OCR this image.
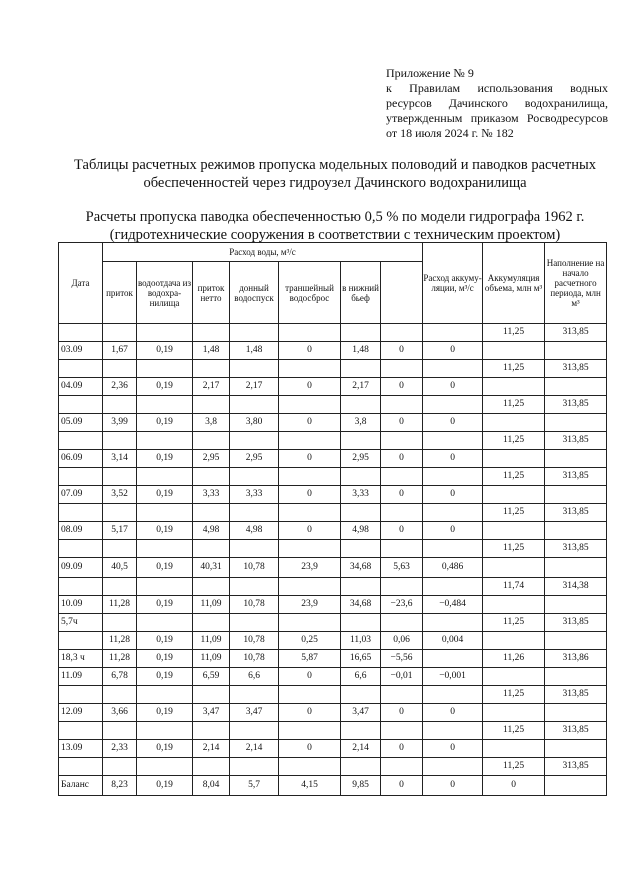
Приложение № 9
к Правилам использования водных
ресурсов Дачинского водохранилища,
утвержденным приказом Росводресурсов
от 18 июля 2024 г. № 182
Таблицы расчетных режимов пропуска модельных половодий и паводков расчетных
обеспеченностей через гидроузел Дачинского водохранилища
Расчеты пропуска паводка обеспеченностью 0,5 % по модели гидрографа 1962 г.
(гидротехнические сооружения в соответствии с техническим проектом)
Дата	Расход воды, м³/с							Расход аккуму-ляции, м³/с	Аккумуляция объема, млн м³	Наполнение на начало расчетного периода, млн м³	
	приток	водоотдача из водохра-нилища	приток нетто	донный водоспуск	траншейный водосброс	в нижний бьеф					
									11,25	313,85	
03.09	1,67	0,19	1,48	1,48	0	1,48	0	0			
									11,25	313,85	
04.09	2,36	0,19	2,17	2,17	0	2,17	0	0			
									11,25	313,85	
05.09	3,99	0,19	3,8	3,80	0	3,8	0	0			
									11,25	313,85	
06.09	3,14	0,19	2,95	2,95	0	2,95	0	0			
									11,25	313,85	
07.09	3,52	0,19	3,33	3,33	0	3,33	0	0			
									11,25	313,85	
08.09	5,17	0,19	4,98	4,98	0	4,98	0	0			
									11,25	313,85	
09.09	40,5	0,19	40,31	10,78	23,9	34,68	5,63	0,486			
									11,74	314,38	
10.09	11,28	0,19	11,09	10,78	23,9	34,68	−23,6	−0,484			
5,7ч									11,25	313,85	
	11,28	0,19	11,09	10,78	0,25	11,03	0,06	0,004			
18,3 ч	11,28	0,19	11,09	10,78	5,87	16,65	−5,56		11,26	313,86	
11.09	6,78	0,19	6,59	6,6	0	6,6	−0,01	−0,001			
									11,25	313,85	
12.09	3,66	0,19	3,47	3,47	0	3,47	0	0			
									11,25	313,85	
13.09	2,33	0,19	2,14	2,14	0	2,14	0	0			
									11,25	313,85	
Баланс	8,23	0,19	8,04	5,7	4,15	9,85	0	0	0		
